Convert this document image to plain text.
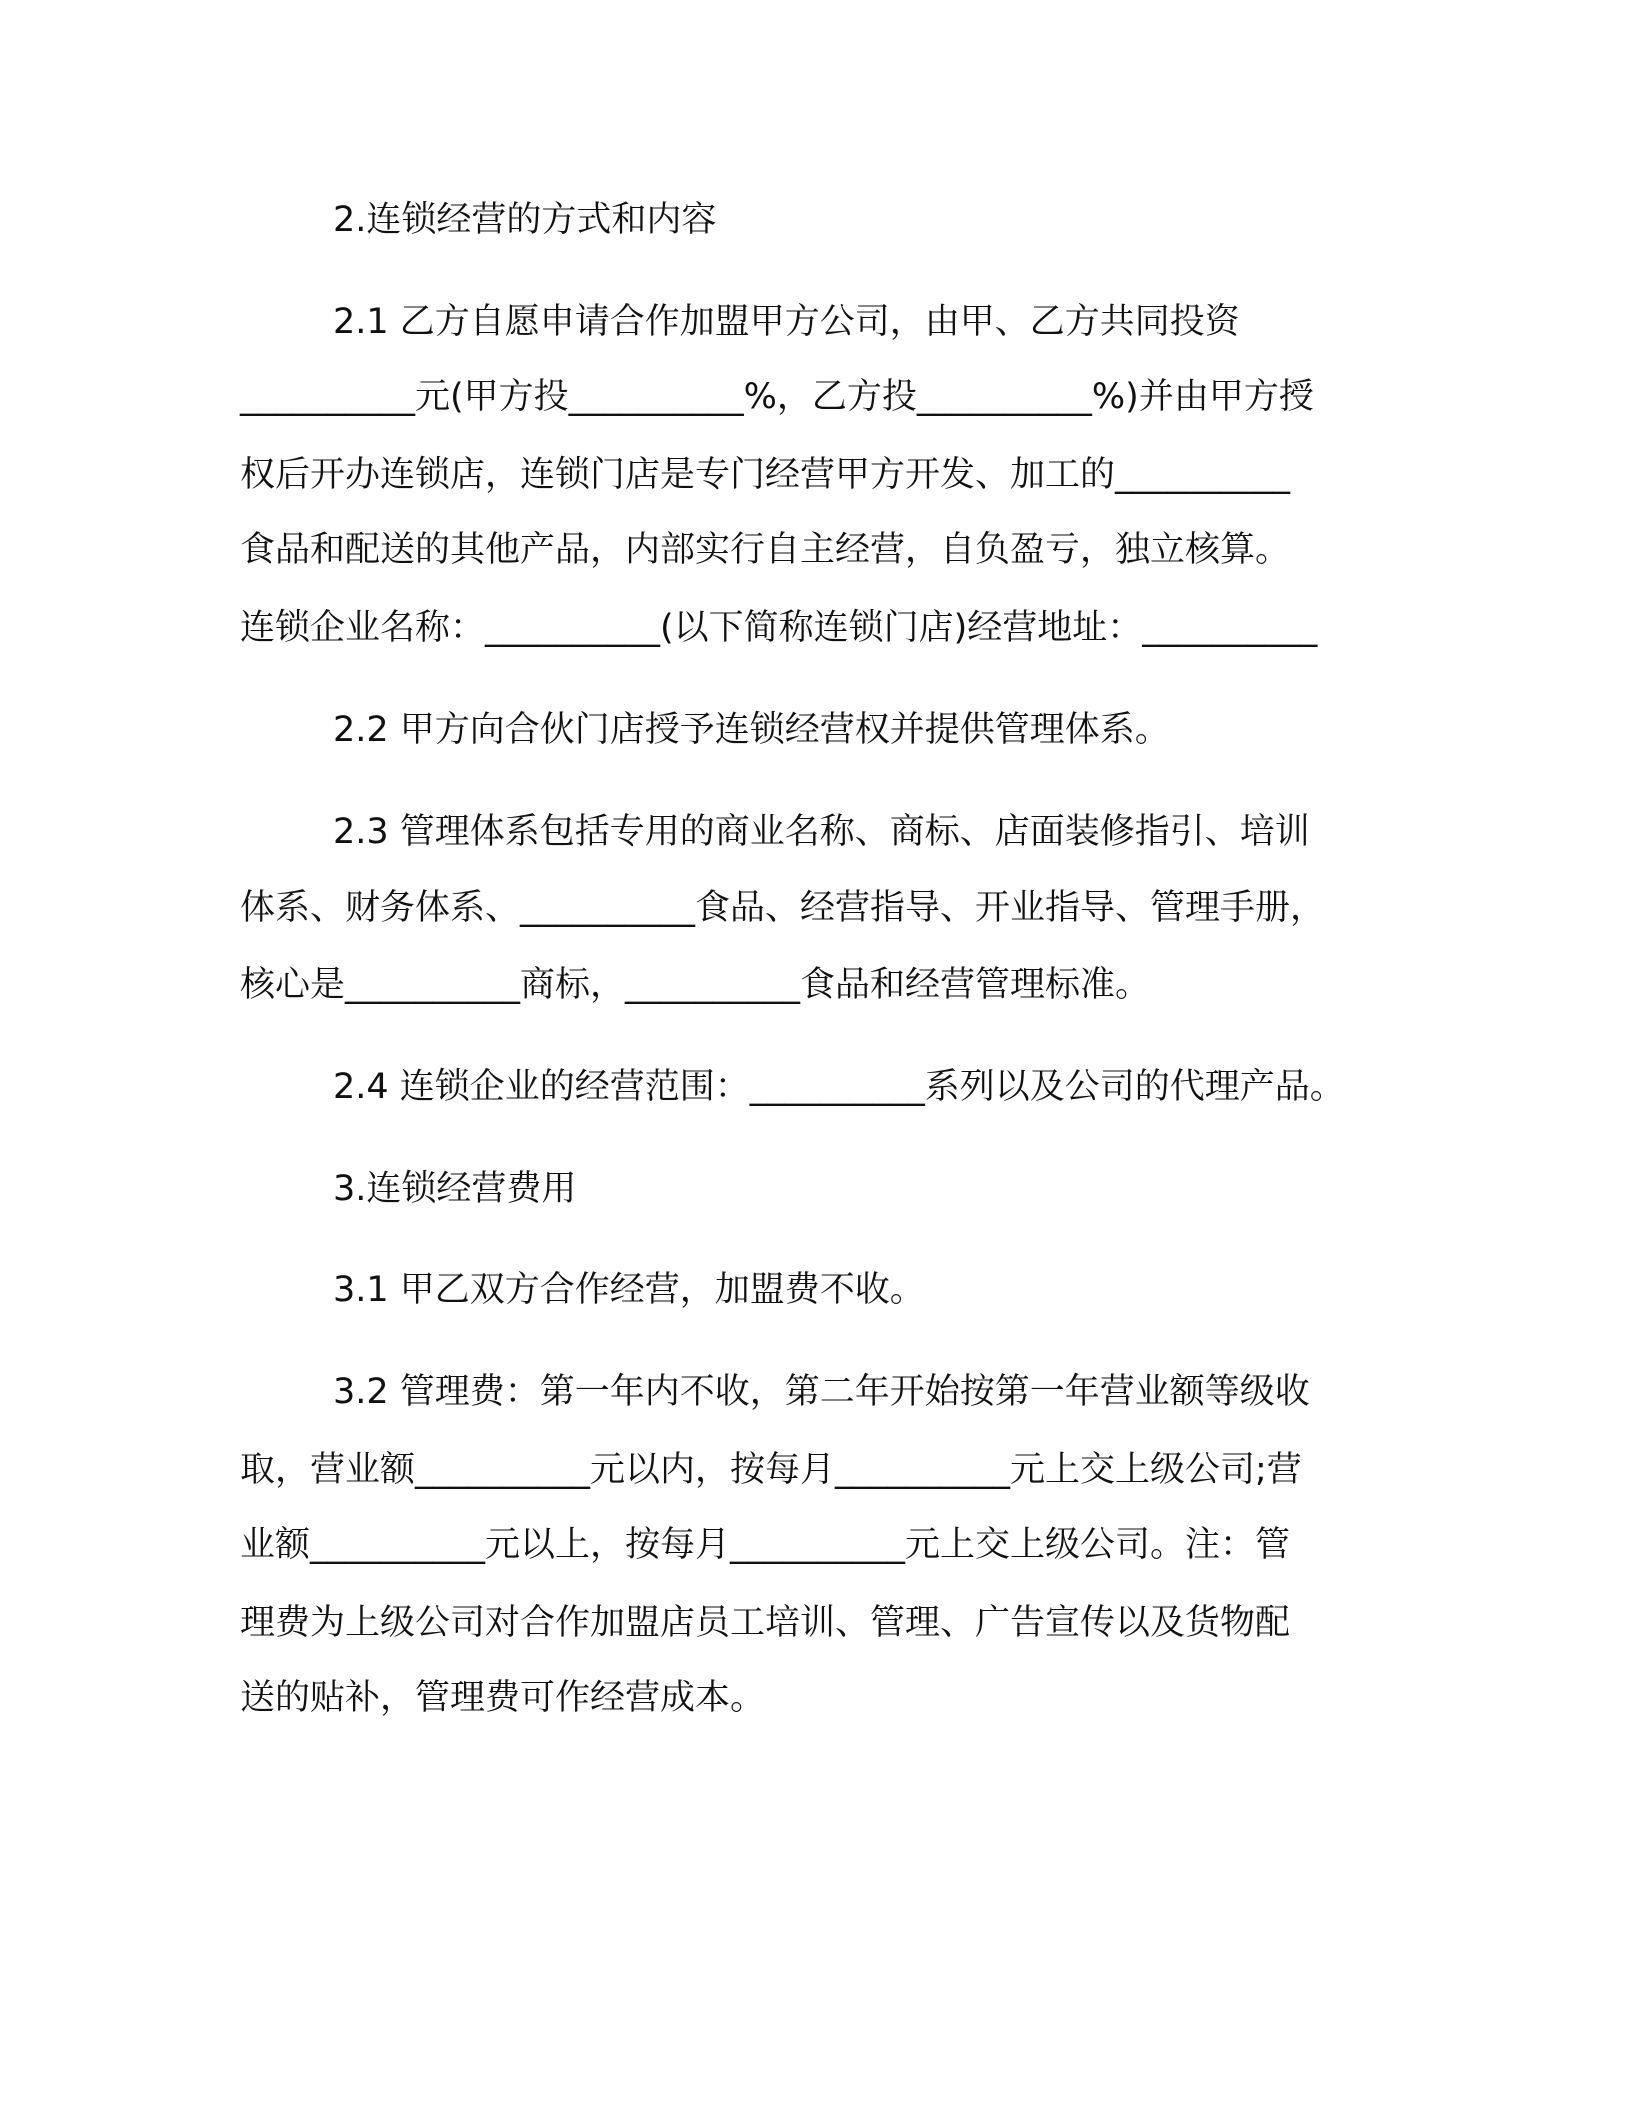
2.连锁经营的方式和内容

2.1 乙方自愿申请合作加盟甲方公司，由甲、乙方共同投资

__________元(甲方投__________%，乙方投__________%)并由甲方授

权后开办连锁店，连锁门店是专门经营甲方开发、加工的__________

食品和配送的其他产品，内部实行自主经营，自负盈亏，独立核算。

连锁企业名称：__________(以下简称连锁门店)经营地址：__________

2.2 甲方向合伙门店授予连锁经营权并提供管理体系。

2.3 管理体系包括专用的商业名称、商标、店面装修指引、培训

体系、财务体系、__________食品、经营指导、开业指导、管理手册，

核心是__________商标，__________食品和经营管理标准。

2.4 连锁企业的经营范围：__________系列以及公司的代理产品。

3.连锁经营费用

3.1 甲乙双方合作经营，加盟费不收。

3.2 管理费：第一年内不收，第二年开始按第一年营业额等级收

取，营业额__________元以内，按每月__________元上交上级公司;营

业额__________元以上，按每月__________元上交上级公司。注：管

理费为上级公司对合作加盟店员工培训、管理、广告宣传以及货物配

送的贴补，管理费可作经营成本。
